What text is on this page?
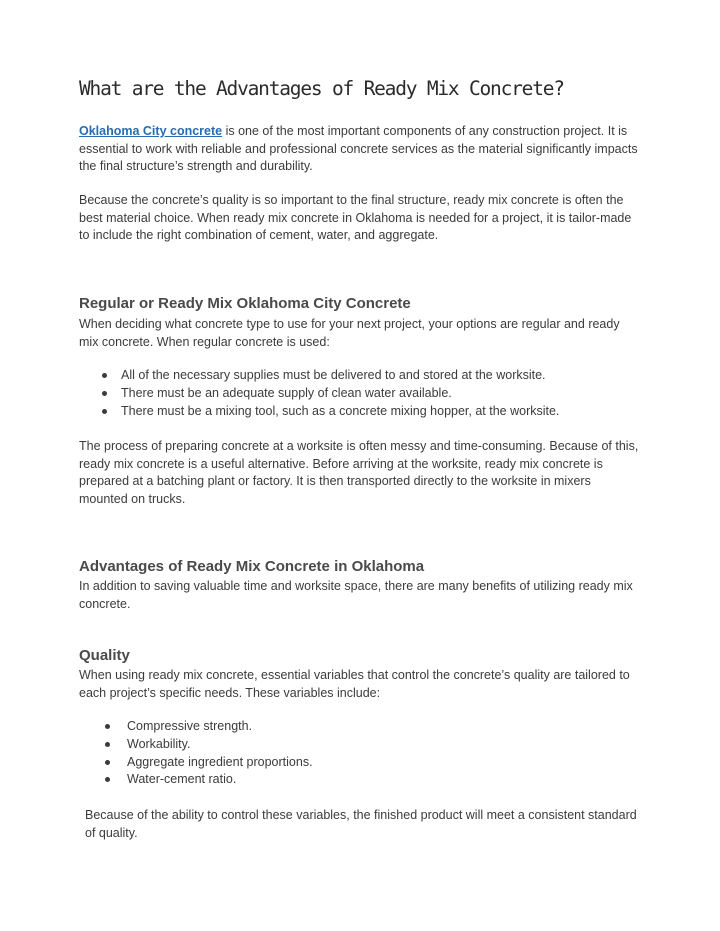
What are the Advantages of Ready Mix Concrete?

Oklahoma City concrete is one of the most important components of any construction project. It is essential to work with reliable and professional concrete services as the material significantly impacts the final structure’s strength and durability.

Because the concrete’s quality is so important to the final structure, ready mix concrete is often the best material choice. When ready mix concrete in Oklahoma is needed for a project, it is tailor-made to include the right combination of cement, water, and aggregate.

Regular or Ready Mix Oklahoma City Concrete

When deciding what concrete type to use for your next project, your options are regular and ready mix concrete. When regular concrete is used:

All of the necessary supplies must be delivered to and stored at the worksite.
There must be an adequate supply of clean water available.
There must be a mixing tool, such as a concrete mixing hopper, at the worksite.

The process of preparing concrete at a worksite is often messy and time-consuming. Because of this, ready mix concrete is a useful alternative. Before arriving at the worksite, ready mix concrete is prepared at a batching plant or factory. It is then transported directly to the worksite in mixers mounted on trucks.

Advantages of Ready Mix Concrete in Oklahoma

In addition to saving valuable time and worksite space, there are many benefits of utilizing ready mix concrete.

Quality

When using ready mix concrete, essential variables that control the concrete’s quality are tailored to each project’s specific needs. These variables include:

Compressive strength.
Workability.
Aggregate ingredient proportions.
Water-cement ratio.

Because of the ability to control these variables, the finished product will meet a consistent standard of quality.
